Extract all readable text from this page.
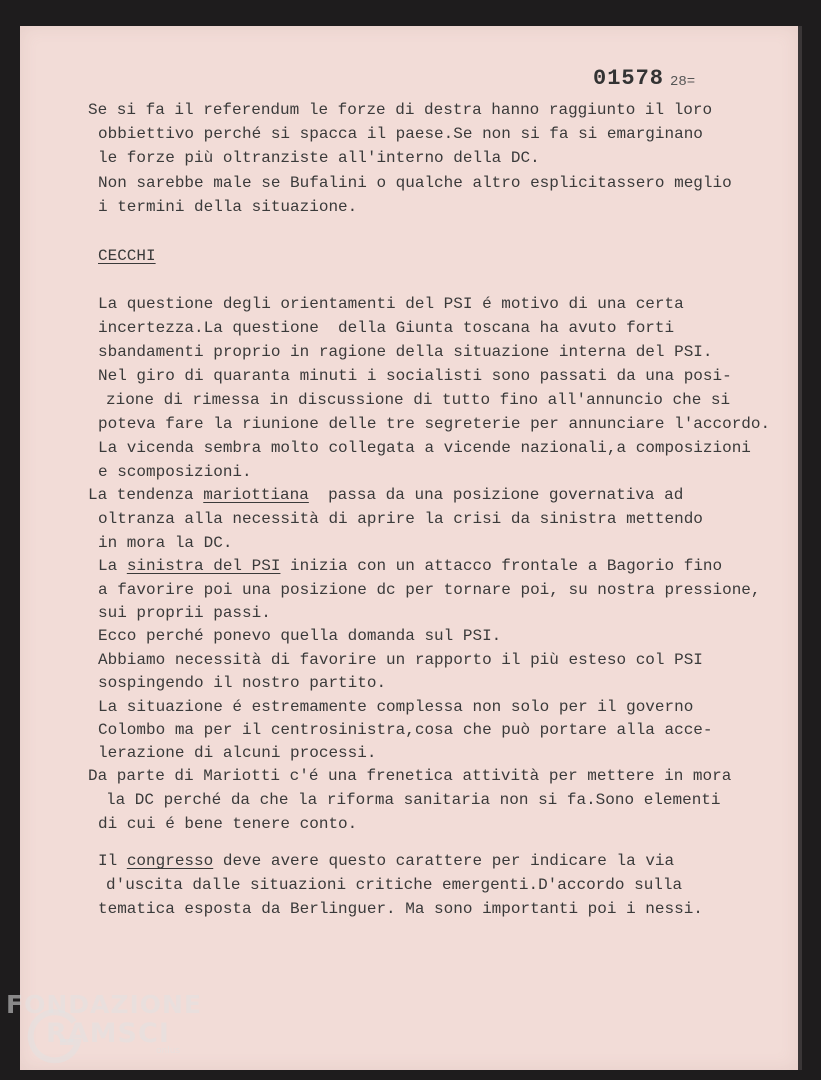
01578 28=
Se si fa il referendum le forze di destra hanno raggiunto il loro
obbiettivo perché si spacca il paese.Se non si fa si emarginano
le forze più oltranziste all'interno della DC.
Non sarebbe male se Bufalini o qualche altro esplicitassero meglio
i termini della situazione.
CECCHI
La questione degli orientamenti del PSI é motivo di una certa
incertezza.La questione  della Giunta toscana ha avuto forti
sbandamenti proprio in ragione della situazione interna del PSI.
Nel giro di quaranta minuti i socialisti sono passati da una posi-
zione di rimessa in discussione di tutto fino all'annuncio che si
poteva fare la riunione delle tre segreterie per annunciare l'accordo.
La vicenda sembra molto collegata a vicende nazionali,a composizioni
e scomposizioni.
La tendenza mariottiana passa da una posizione governativa ad
oltranza alla necessità di aprire la crisi da sinistra mettendo
in mora la DC.
La sinistra del PSI inizia con un attacco frontale a Bagorio fino
a favorire poi una posizione dc per tornare poi, su nostra pressione,
sui proprii passi.
Ecco perché ponevo quella domanda sul PSI.
Abbiamo necessità di favorire un rapporto il più esteso col PSI
sospingendo il nostro partito.
La situazione é estremamente complessa non solo per il governo
Colombo ma per il centrosinistra,cosa che può portare alla acce-
lerazione di alcuni processi.
Da parte di Mariotti c'é una frenetica attività per mettere in mora
la DC perché da che la riforma sanitaria non si fa.Sono elementi
di cui é bene tenere conto.
Il congresso deve avere questo carattere per indicare la via
d'uscita dalle situazioni critiche emergenti.D'accordo sulla
tematica esposta da Berlinguer. Ma sono importanti poi i nessi.
FONDAZIONE
RAMSCI
onlus
